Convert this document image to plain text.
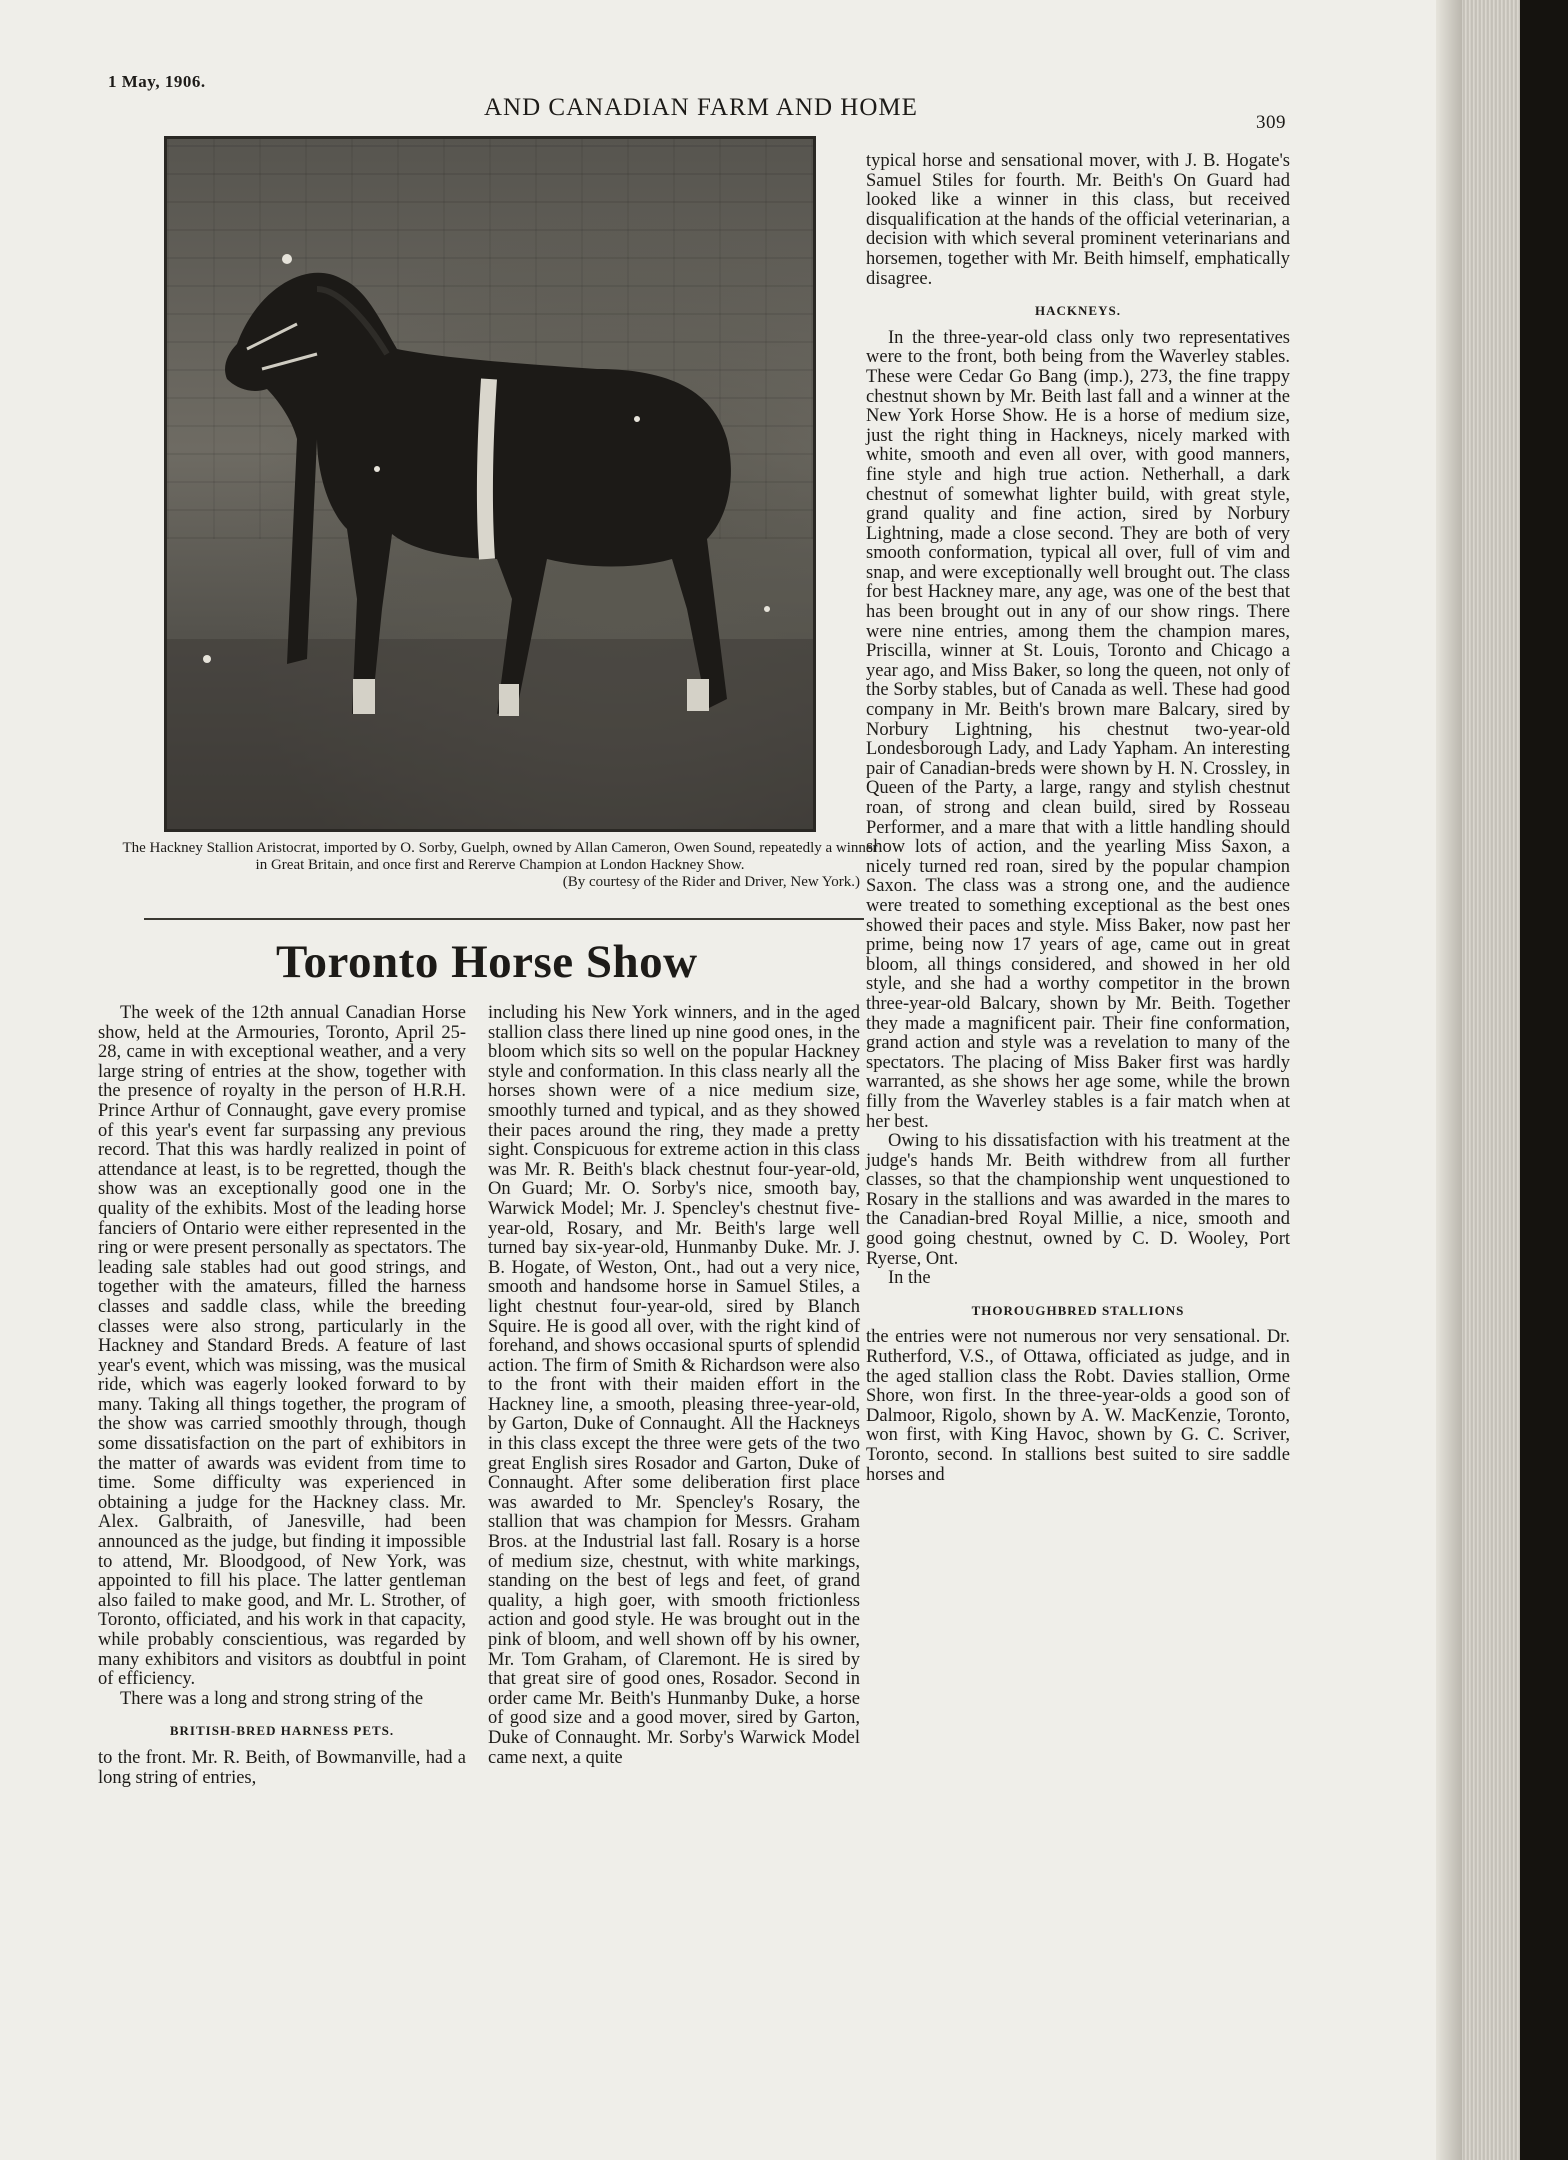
1 May, 1906.
AND CANADIAN FARM AND HOME
309
The Hackney Stallion Aristocrat, imported by O. Sorby, Guelph, owned by Allan Cameron, Owen Sound, repeatedly a winner in Great Britain, and once first and Rererve Champion at London Hackney Show.
(By courtesy of the Rider and Driver, New York.)
Toronto Horse Show

The week of the 12th annual Canadian Horse show, held at the Armouries, Toronto, April 25-28, came in with exceptional weather, and a very large string of entries at the show, together with the presence of royalty in the person of H.R.H. Prince Arthur of Connaught, gave every promise of this year's event far surpassing any previous record. That this was hardly realized in point of attendance at least, is to be regretted, though the show was an exceptionally good one in the quality of the exhibits. Most of the leading horse fanciers of Ontario were either represented in the ring or were present personally as spectators. The leading sale stables had out good strings, and together with the amateurs, filled the harness classes and saddle class, while the breeding classes were also strong, particularly in the Hackney and Standard Breds. A feature of last year's event, which was missing, was the musical ride, which was eagerly looked forward to by many. Taking all things together, the program of the show was carried smoothly through, though some dissatisfaction on the part of exhibitors in the matter of awards was evident from time to time. Some difficulty was experienced in obtaining a judge for the Hackney class. Mr. Alex. Galbraith, of Janesville, had been announced as the judge, but finding it impossible to attend, Mr. Bloodgood, of New York, was appointed to fill his place. The latter gentleman also failed to make good, and Mr. L. Strother, of Toronto, officiated, and his work in that capacity, while probably conscientious, was regarded by many exhibitors and visitors as doubtful in point of efficiency.

There was a long and strong string of the

BRITISH-BRED HARNESS PETS.

to the front. Mr. R. Beith, of Bowmanville, had a long string of entries,

including his New York winners, and in the aged stallion class there lined up nine good ones, in the bloom which sits so well on the popular Hackney style and conformation. In this class nearly all the horses shown were of a nice medium size, smoothly turned and typical, and as they showed their paces around the ring, they made a pretty sight. Conspicuous for extreme action in this class was Mr. R. Beith's black chestnut four-year-old, On Guard; Mr. O. Sorby's nice, smooth bay, Warwick Model; Mr. J. Spencley's chestnut five-year-old, Rosary, and Mr. Beith's large well turned bay six-year-old, Hunmanby Duke. Mr. J. B. Hogate, of Weston, Ont., had out a very nice, smooth and handsome horse in Samuel Stiles, a light chestnut four-year-old, sired by Blanch Squire. He is good all over, with the right kind of forehand, and shows occasional spurts of splendid action. The firm of Smith & Richardson were also to the front with their maiden effort in the Hackney line, a smooth, pleasing three-year-old, by Garton, Duke of Connaught. All the Hackneys in this class except the three were gets of the two great English sires Rosador and Garton, Duke of Connaught. After some deliberation first place was awarded to Mr. Spencley's Rosary, the stallion that was champion for Messrs. Graham Bros. at the Industrial last fall. Rosary is a horse of medium size, chestnut, with white markings, standing on the best of legs and feet, of grand quality, a high goer, with smooth frictionless action and good style. He was brought out in the pink of bloom, and well shown off by his owner, Mr. Tom Graham, of Claremont. He is sired by that great sire of good ones, Rosador. Second in order came Mr. Beith's Hunmanby Duke, a horse of good size and a good mover, sired by Garton, Duke of Connaught. Mr. Sorby's Warwick Model came next, a quite

typical horse and sensational mover, with J. B. Hogate's Samuel Stiles for fourth. Mr. Beith's On Guard had looked like a winner in this class, but received disqualification at the hands of the official veterinarian, a decision with which several prominent veterinarians and horsemen, together with Mr. Beith himself, emphatically disagree.

HACKNEYS.

In the three-year-old class only two representatives were to the front, both being from the Waverley stables. These were Cedar Go Bang (imp.), 273, the fine trappy chestnut shown by Mr. Beith last fall and a winner at the New York Horse Show. He is a horse of medium size, just the right thing in Hackneys, nicely marked with white, smooth and even all over, with good manners, fine style and high true action. Netherhall, a dark chestnut of somewhat lighter build, with great style, grand quality and fine action, sired by Norbury Lightning, made a close second. They are both of very smooth conformation, typical all over, full of vim and snap, and were exceptionally well brought out. The class for best Hackney mare, any age, was one of the best that has been brought out in any of our show rings. There were nine entries, among them the champion mares, Priscilla, winner at St. Louis, Toronto and Chicago a year ago, and Miss Baker, so long the queen, not only of the Sorby stables, but of Canada as well. These had good company in Mr. Beith's brown mare Balcary, sired by Norbury Lightning, his chestnut two-year-old Londesborough Lady, and Lady Yapham. An interesting pair of Canadian-breds were shown by H. N. Crossley, in Queen of the Party, a large, rangy and stylish chestnut roan, of strong and clean build, sired by Rosseau Performer, and a mare that with a little handling should show lots of action, and the yearling Miss Saxon, a nicely turned red roan, sired by the popular champion Saxon. The class was a strong one, and the audience were treated to something exceptional as the best ones showed their paces and style. Miss Baker, now past her prime, being now 17 years of age, came out in great bloom, all things considered, and showed in her old style, and she had a worthy competitor in the brown three-year-old Balcary, shown by Mr. Beith. Together they made a magnificent pair. Their fine conformation, grand action and style was a revelation to many of the spectators. The placing of Miss Baker first was hardly warranted, as she shows her age some, while the brown filly from the Waverley stables is a fair match when at her best.

Owing to his dissatisfaction with his treatment at the judge's hands Mr. Beith withdrew from all further classes, so that the championship went unquestioned to Rosary in the stallions and was awarded in the mares to the Canadian-bred Royal Millie, a nice, smooth and good going chestnut, owned by C. D. Wooley, Port Ryerse, Ont.

In the

THOROUGHBRED STALLIONS

the entries were not numerous nor very sensational. Dr. Rutherford, V.S., of Ottawa, officiated as judge, and in the aged stallion class the Robt. Davies stallion, Orme Shore, won first. In the three-year-olds a good son of Dalmoor, Rigolo, shown by A. W. MacKenzie, Toronto, won first, with King Havoc, shown by G. C. Scriver, Toronto, second. In stallions best suited to sire saddle horses and
